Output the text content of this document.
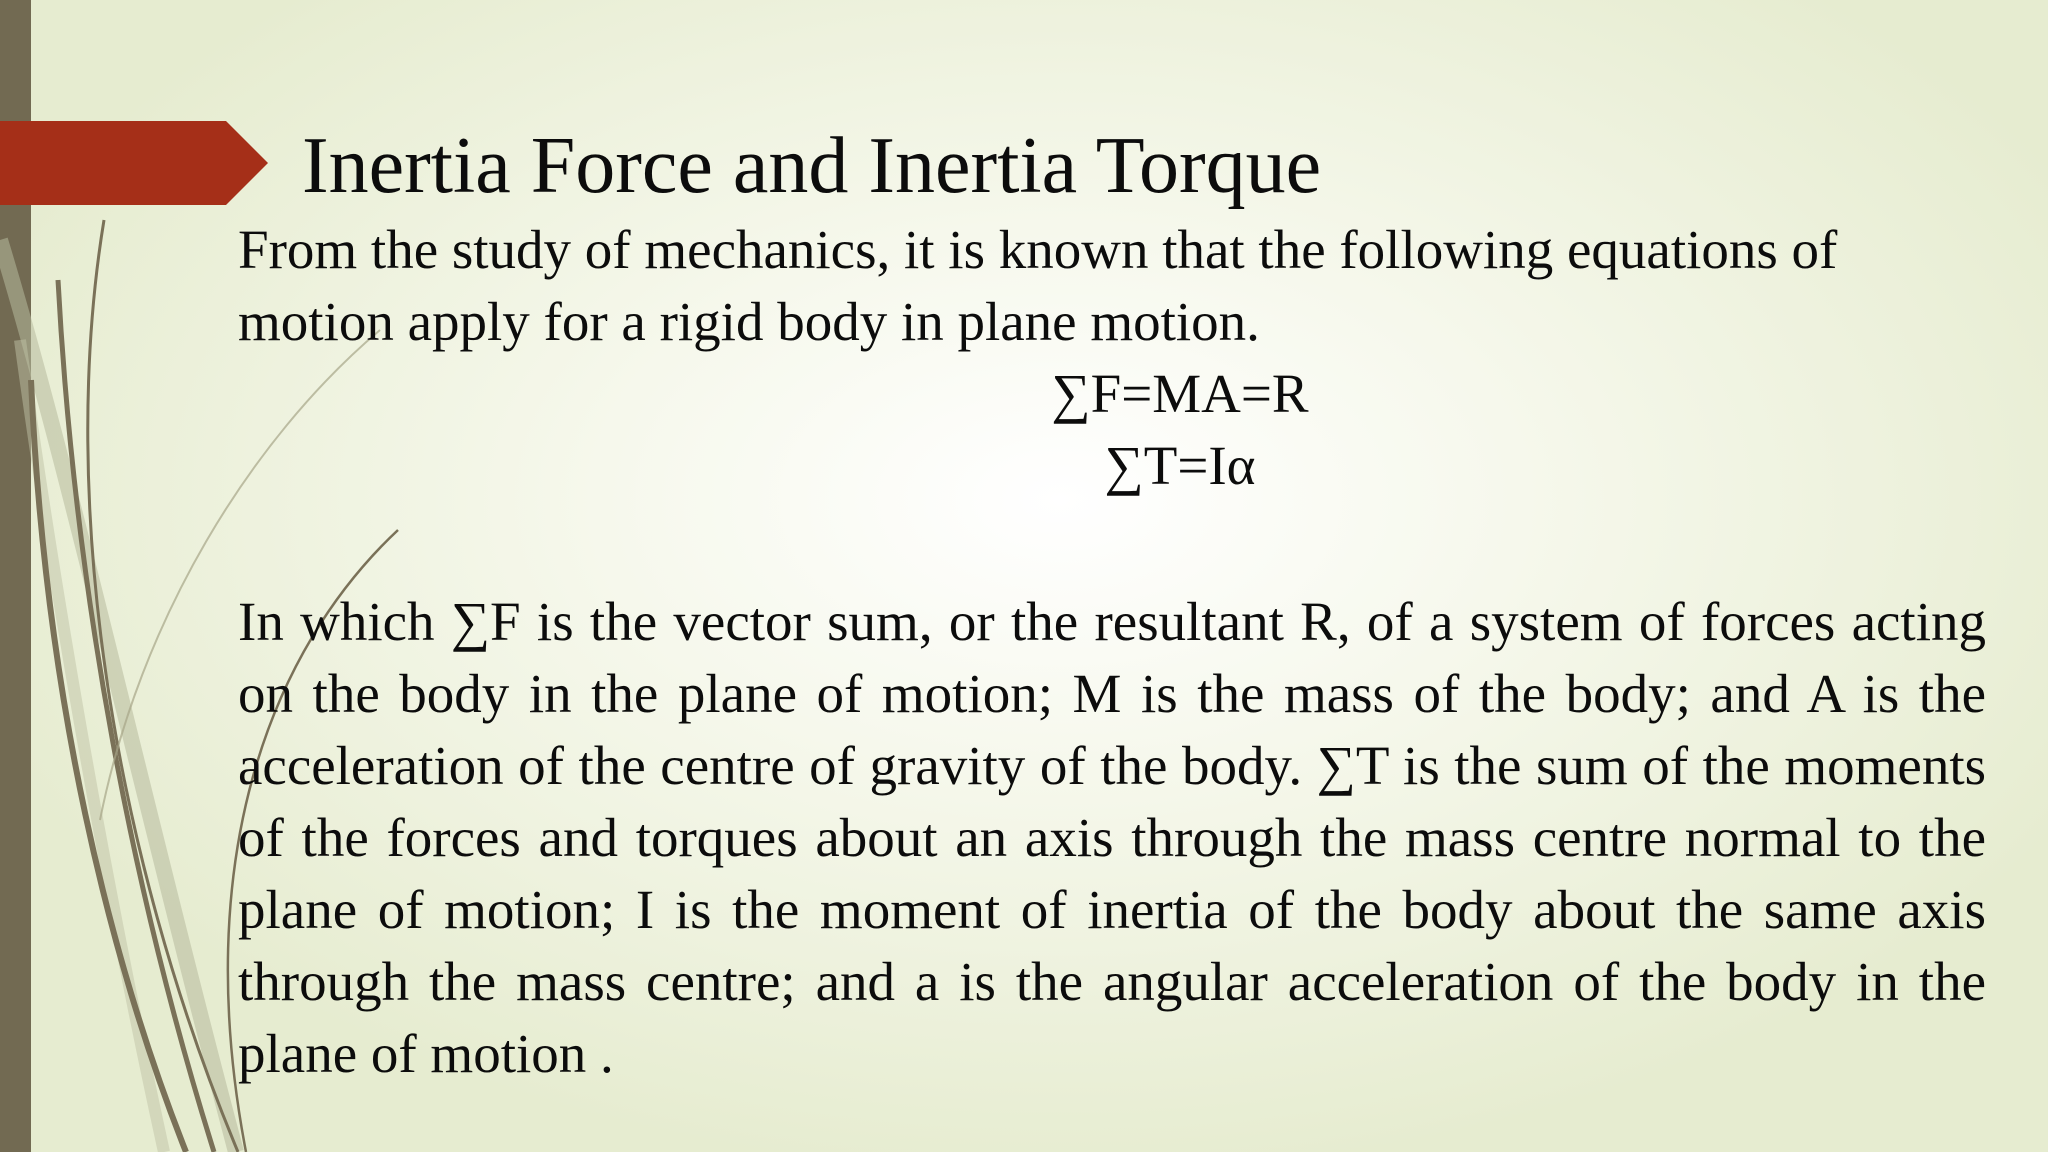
Inertia Force and Inertia Torque

From the study of mechanics, it is known that the following equations of motion apply for a rigid body in plane motion.

∑F=MA=R

∑T=Iα

In which ∑F is the vector sum, or the resultant R, of a system of forces acting on the body in the plane of motion; M is the mass of the body; and A is the acceleration of the centre of gravity of the body. ∑T is the sum of the moments of the forces and torques about an axis through the mass centre normal to the plane of motion; I is the moment of inertia of the body about the same axis through the mass centre; and a is the angular acceleration of the body in the plane of motion .
